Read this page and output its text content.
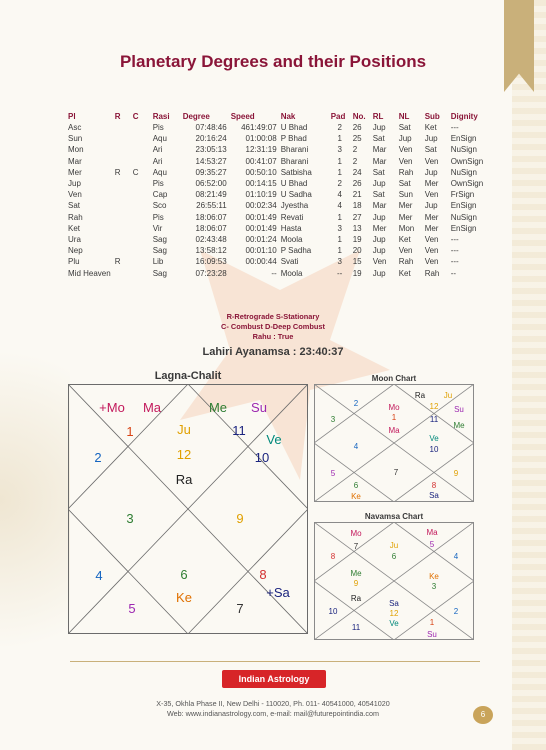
Planetary Degrees and their Positions
Pl	R	C	Rasi	Degree	Speed	Nak	Pad	No.	RL	NL	Sub	Dignity
Asc			Pis	07:48:46	461:49:07	U Bhad	2	26	Jup	Sat	Ket	---
Sun			Aqu	20:16:24	01:00:08	P Bhad	1	25	Sat	Jup	Jup	EnSign
Mon			Ari	23:05:13	12:31:19	Bharani	3	2	Mar	Ven	Sat	NuSign
Mar			Ari	14:53:27	00:41:07	Bharani	1	2	Mar	Ven	Ven	OwnSign
Mer	R	C	Aqu	09:35:27	00:50:10	Satbisha	1	24	Sat	Rah	Jup	NuSign
Jup			Pis	06:52:00	00:14:15	U Bhad	2	26	Jup	Sat	Mer	OwnSign
Ven			Cap	08:21:49	01:10:19	U Sadha	4	21	Sat	Sun	Ven	FrSign
Sat			Sco	26:55:11	00:02:34	Jyestha	4	18	Mar	Mer	Jup	EnSign
Rah			Pis	18:06:07	00:01:49	Revati	1	27	Jup	Mer	Mer	NuSign
Ket			Vir	18:06:07	00:01:49	Hasta	3	13	Mer	Mon	Mer	EnSign
Ura			Sag	02:43:48	00:01:24	Moola	1	19	Jup	Ket	Ven	---
Nep			Sag	13:58:12	00:01:10	P Sadha	1	20	Jup	Ven	Ven	---
Plu	R		Lib	16:09:53	00:00:44	Svati	3	15	Ven	Rah	Ven	---
Mid Heaven			Sag	07:23:28	--	Moola	--	19	Jup	Ket	Rah	--
R-Retrograde S-Stationary
C- Combust D-Deep Combust
Rahu : True
Lahiri Ayanamsa : 23:40:37
Lagna-Chalit
+Mo Ma	Me Su
1	Ju	11
Ve
2	12	10
Ra
3	9
4	6
Ke
8
+Sa
5	7
Moon Chart
Ra Ju
12 Su
11
Me
2	Mo
1
Ma
3
Ve
10
4
7	9
5
6
Ke
8
Sa
Navamsa Chart
Mo
7	Ju
6
Ma
5
8	4
Me
9
Ke
3
Ra
10
Sa
12	2
11	Ve	1
Su
Indian Astrology
X-35, Okhla Phase II, New Delhi - 110020, Ph. 011- 40541000, 40541020
Web: www.indianastrology.com, e-mail: mail@futurepointindia.com	6
